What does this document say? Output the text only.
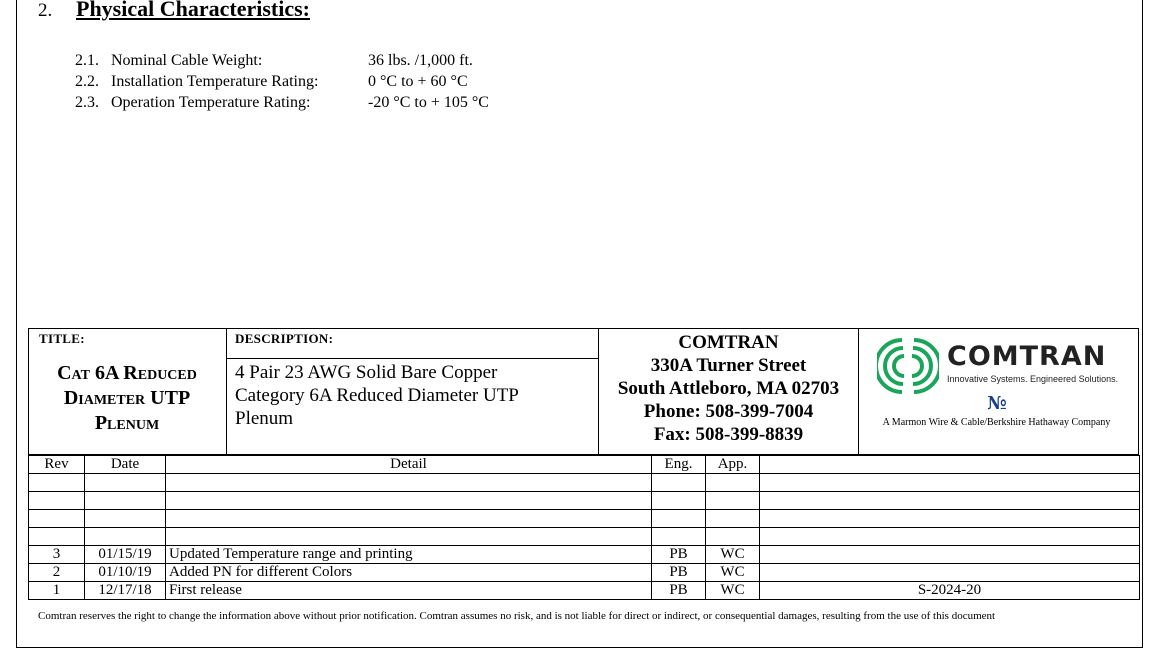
2. Physical Characteristics:
2.1. Nominal Cable Weight:	36 lbs. /1,000 ft.
2.2. Installation Temperature Rating:	0 °C to + 60 °C
2.3. Operation Temperature Rating:	-20 °C to + 105 °C
TITLE:
Cat 6A Reduced
Diameter UTP
Plenum
DESCRIPTION:
4 Pair 23 AWG Solid Bare Copper
Category 6A Reduced Diameter UTP
Plenum
COMTRAN
330A Turner Street
South Attleboro, MA 02703
Phone: 508-399-7004
Fax: 508-399-8839
COMTRAN
Innovative Systems. Engineered Solutions.
№
A Marmon Wire & Cable/Berkshire Hathaway Company
Rev	Date	Detail	Eng.	App.	

3	01/15/19	Updated Temperature range and printing	PB	WC	
2	01/10/19	Added PN for different Colors	PB	WC	
1	12/17/18	First release	PB	WC	S-2024-20
Comtran reserves the right to change the information above without prior notification. Comtran assumes no risk, and is not liable for direct or indirect, or consequential damages, resulting from the use of this document
